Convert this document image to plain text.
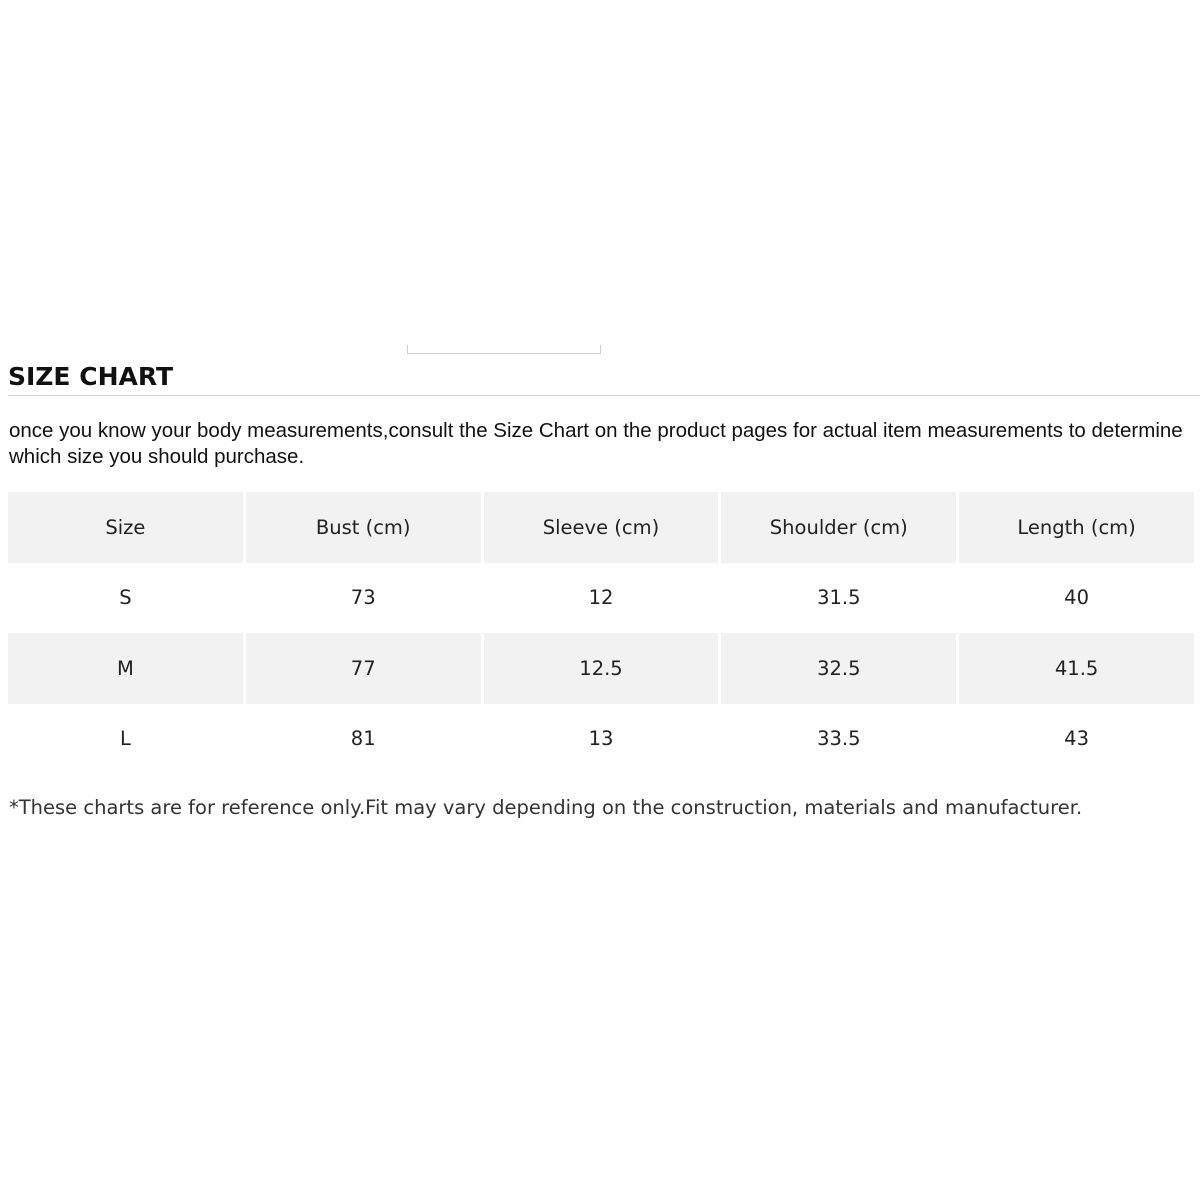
SIZE CHART
once you know your body measurements,consult the Size Chart on the product pages for actual item measurements to determine which size you should purchase.
Size	Bust (cm)	Sleeve (cm)	Shoulder (cm)	Length (cm)
S	73	12	31.5	40
M	77	12.5	32.5	41.5
L	81	13	33.5	43
*These charts are for reference only.Fit may vary depending on the construction, materials and manufacturer.
